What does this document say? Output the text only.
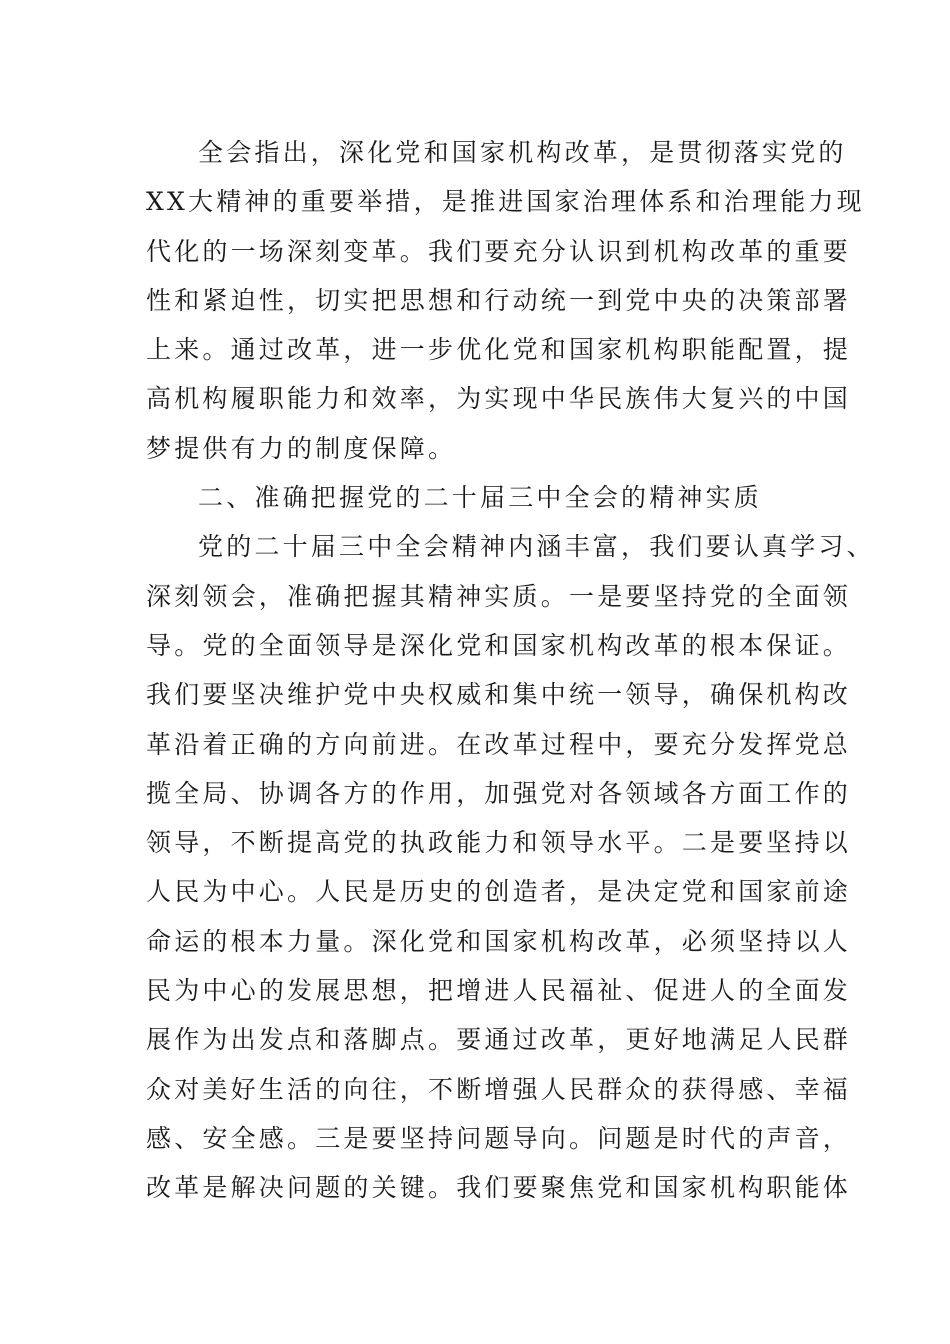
全会指出，深化党和国家机构改革，是贯彻落实党的
XX大精神的重要举措，是推进国家治理体系和治理能力现
代化的一场深刻变革。我们要充分认识到机构改革的重要
性和紧迫性，切实把思想和行动统一到党中央的决策部署
上来。通过改革，进一步优化党和国家机构职能配置，提
高机构履职能力和效率，为实现中华民族伟大复兴的中国
梦提供有力的制度保障。
二、准确把握党的二十届三中全会的精神实质
党的二十届三中全会精神内涵丰富，我们要认真学习、
深刻领会，准确把握其精神实质。一是要坚持党的全面领
导。党的全面领导是深化党和国家机构改革的根本保证。
我们要坚决维护党中央权威和集中统一领导，确保机构改
革沿着正确的方向前进。在改革过程中，要充分发挥党总
揽全局、协调各方的作用，加强党对各领域各方面工作的
领导，不断提高党的执政能力和领导水平。二是要坚持以
人民为中心。人民是历史的创造者，是决定党和国家前途
命运的根本力量。深化党和国家机构改革，必须坚持以人
民为中心的发展思想，把增进人民福祉、促进人的全面发
展作为出发点和落脚点。要通过改革，更好地满足人民群
众对美好生活的向往，不断增强人民群众的获得感、幸福
感、安全感。三是要坚持问题导向。问题是时代的声音，
改革是解决问题的关键。我们要聚焦党和国家机构职能体
